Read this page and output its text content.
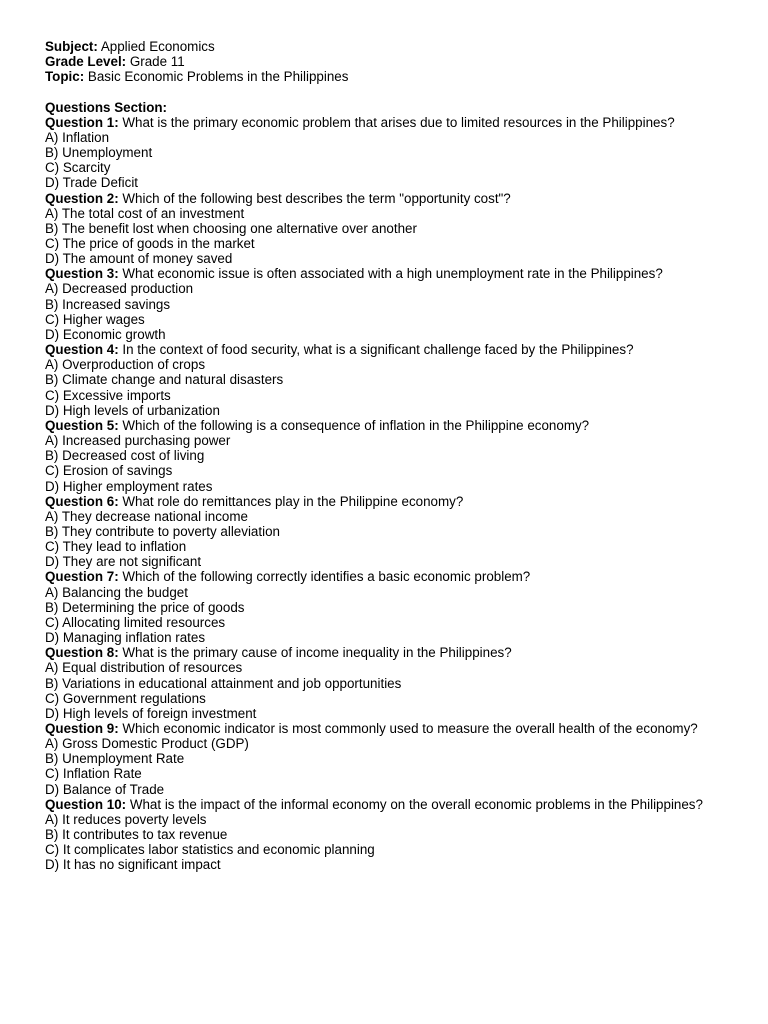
Subject: Applied Economics

Grade Level: Grade 11

Topic: Basic Economic Problems in the Philippines

Questions Section:

Question 1: What is the primary economic problem that arises due to limited resources in the Philippines?

A) Inflation

B) Unemployment

C) Scarcity

D) Trade Deficit

Question 2: Which of the following best describes the term "opportunity cost"?

A) The total cost of an investment

B) The benefit lost when choosing one alternative over another

C) The price of goods in the market

D) The amount of money saved

Question 3: What economic issue is often associated with a high unemployment rate in the Philippines?

A) Decreased production

B) Increased savings

C) Higher wages

D) Economic growth

Question 4: In the context of food security, what is a significant challenge faced by the Philippines?

A) Overproduction of crops

B) Climate change and natural disasters

C) Excessive imports

D) High levels of urbanization

Question 5: Which of the following is a consequence of inflation in the Philippine economy?

A) Increased purchasing power

B) Decreased cost of living

C) Erosion of savings

D) Higher employment rates

Question 6: What role do remittances play in the Philippine economy?

A) They decrease national income

B) They contribute to poverty alleviation

C) They lead to inflation

D) They are not significant

Question 7: Which of the following correctly identifies a basic economic problem?

A) Balancing the budget

B) Determining the price of goods

C) Allocating limited resources

D) Managing inflation rates

Question 8: What is the primary cause of income inequality in the Philippines?

A) Equal distribution of resources

B) Variations in educational attainment and job opportunities

C) Government regulations

D) High levels of foreign investment

Question 9: Which economic indicator is most commonly used to measure the overall health of the economy?

A) Gross Domestic Product (GDP)

B) Unemployment Rate

C) Inflation Rate

D) Balance of Trade

Question 10: What is the impact of the informal economy on the overall economic problems in the Philippines?

A) It reduces poverty levels

B) It contributes to tax revenue

C) It complicates labor statistics and economic planning

D) It has no significant impact
